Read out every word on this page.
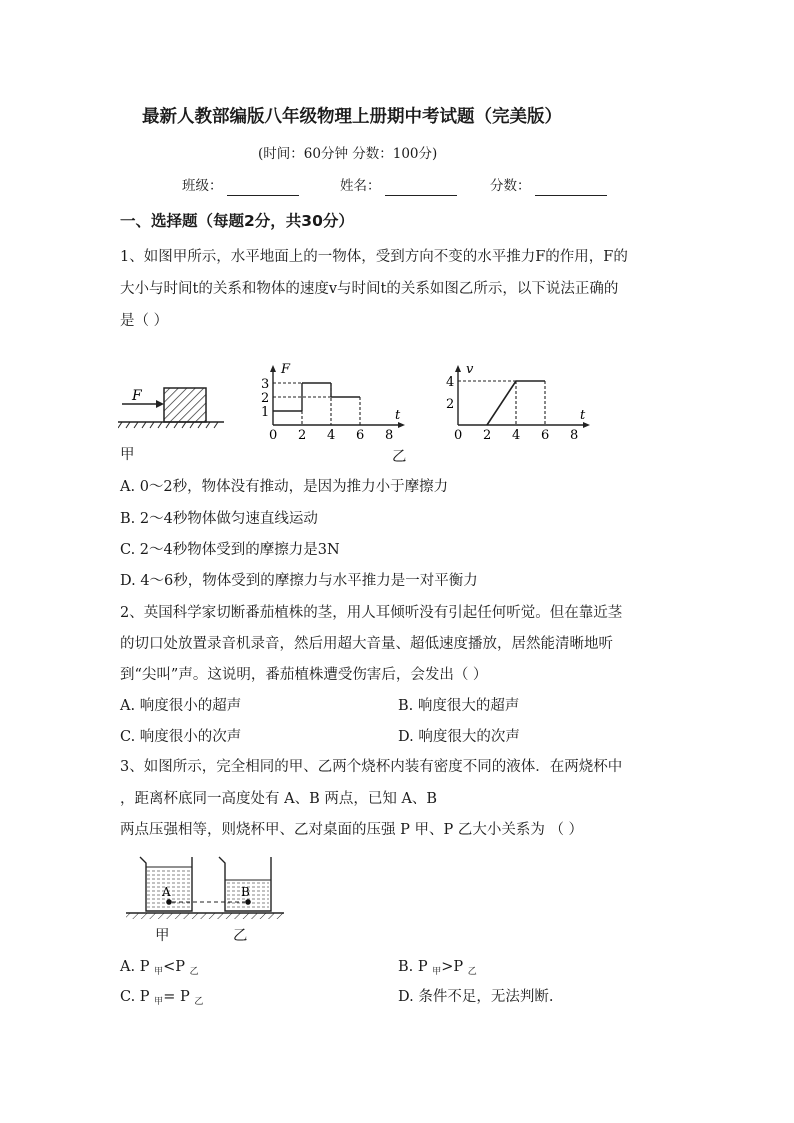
最新人教部编版八年级物理上册期中考试题（完美版）
(时间：60分钟 分数：100分)
班级：	姓名：	分数：
一、选择题（每题2分，共30分）
1、如图甲所示，水平地面上的一物体，受到方向不变的水平推力F的作用，F的
大小与时间t的关系和物体的速度v与时间t的关系如图乙所示，以下说法正确的
是（ ）
F
甲
F
t
0 2 4 6 8
1
2
3
v
t
0 2 4 6 8
2
4
乙
A. 0～2秒，物体没有推动，是因为推力小于摩擦力
B. 2～4秒物体做匀速直线运动
C. 2～4秒物体受到的摩擦力是3N
D. 4～6秒，物体受到的摩擦力与水平推力是一对平衡力
2、英国科学家切断番茄植株的茎，用人耳倾听没有引起任何听觉。但在靠近茎
的切口处放置录音机录音，然后用超大音量、超低速度播放，居然能清晰地听
到“尖叫”声。这说明，番茄植株遭受伤害后，会发出（ ）
A. 响度很小的超声	B. 响度很大的超声
C. 响度很小的次声	D. 响度很大的次声
3、如图所示，完全相同的甲、乙两个烧杯内装有密度不同的液体．在两烧杯中
，距离杯底同一高度处有 A、B 两点，已知 A、B
两点压强相等，则烧杯甲、乙对桌面的压强 P 甲、P 乙大小关系为 （ ）
A	B
甲	乙
A. P $_甲$<P $_乙$	B. P $_甲$>P $_乙$
C. P $_甲$= P $_乙$	D. 条件不足，无法判断.
